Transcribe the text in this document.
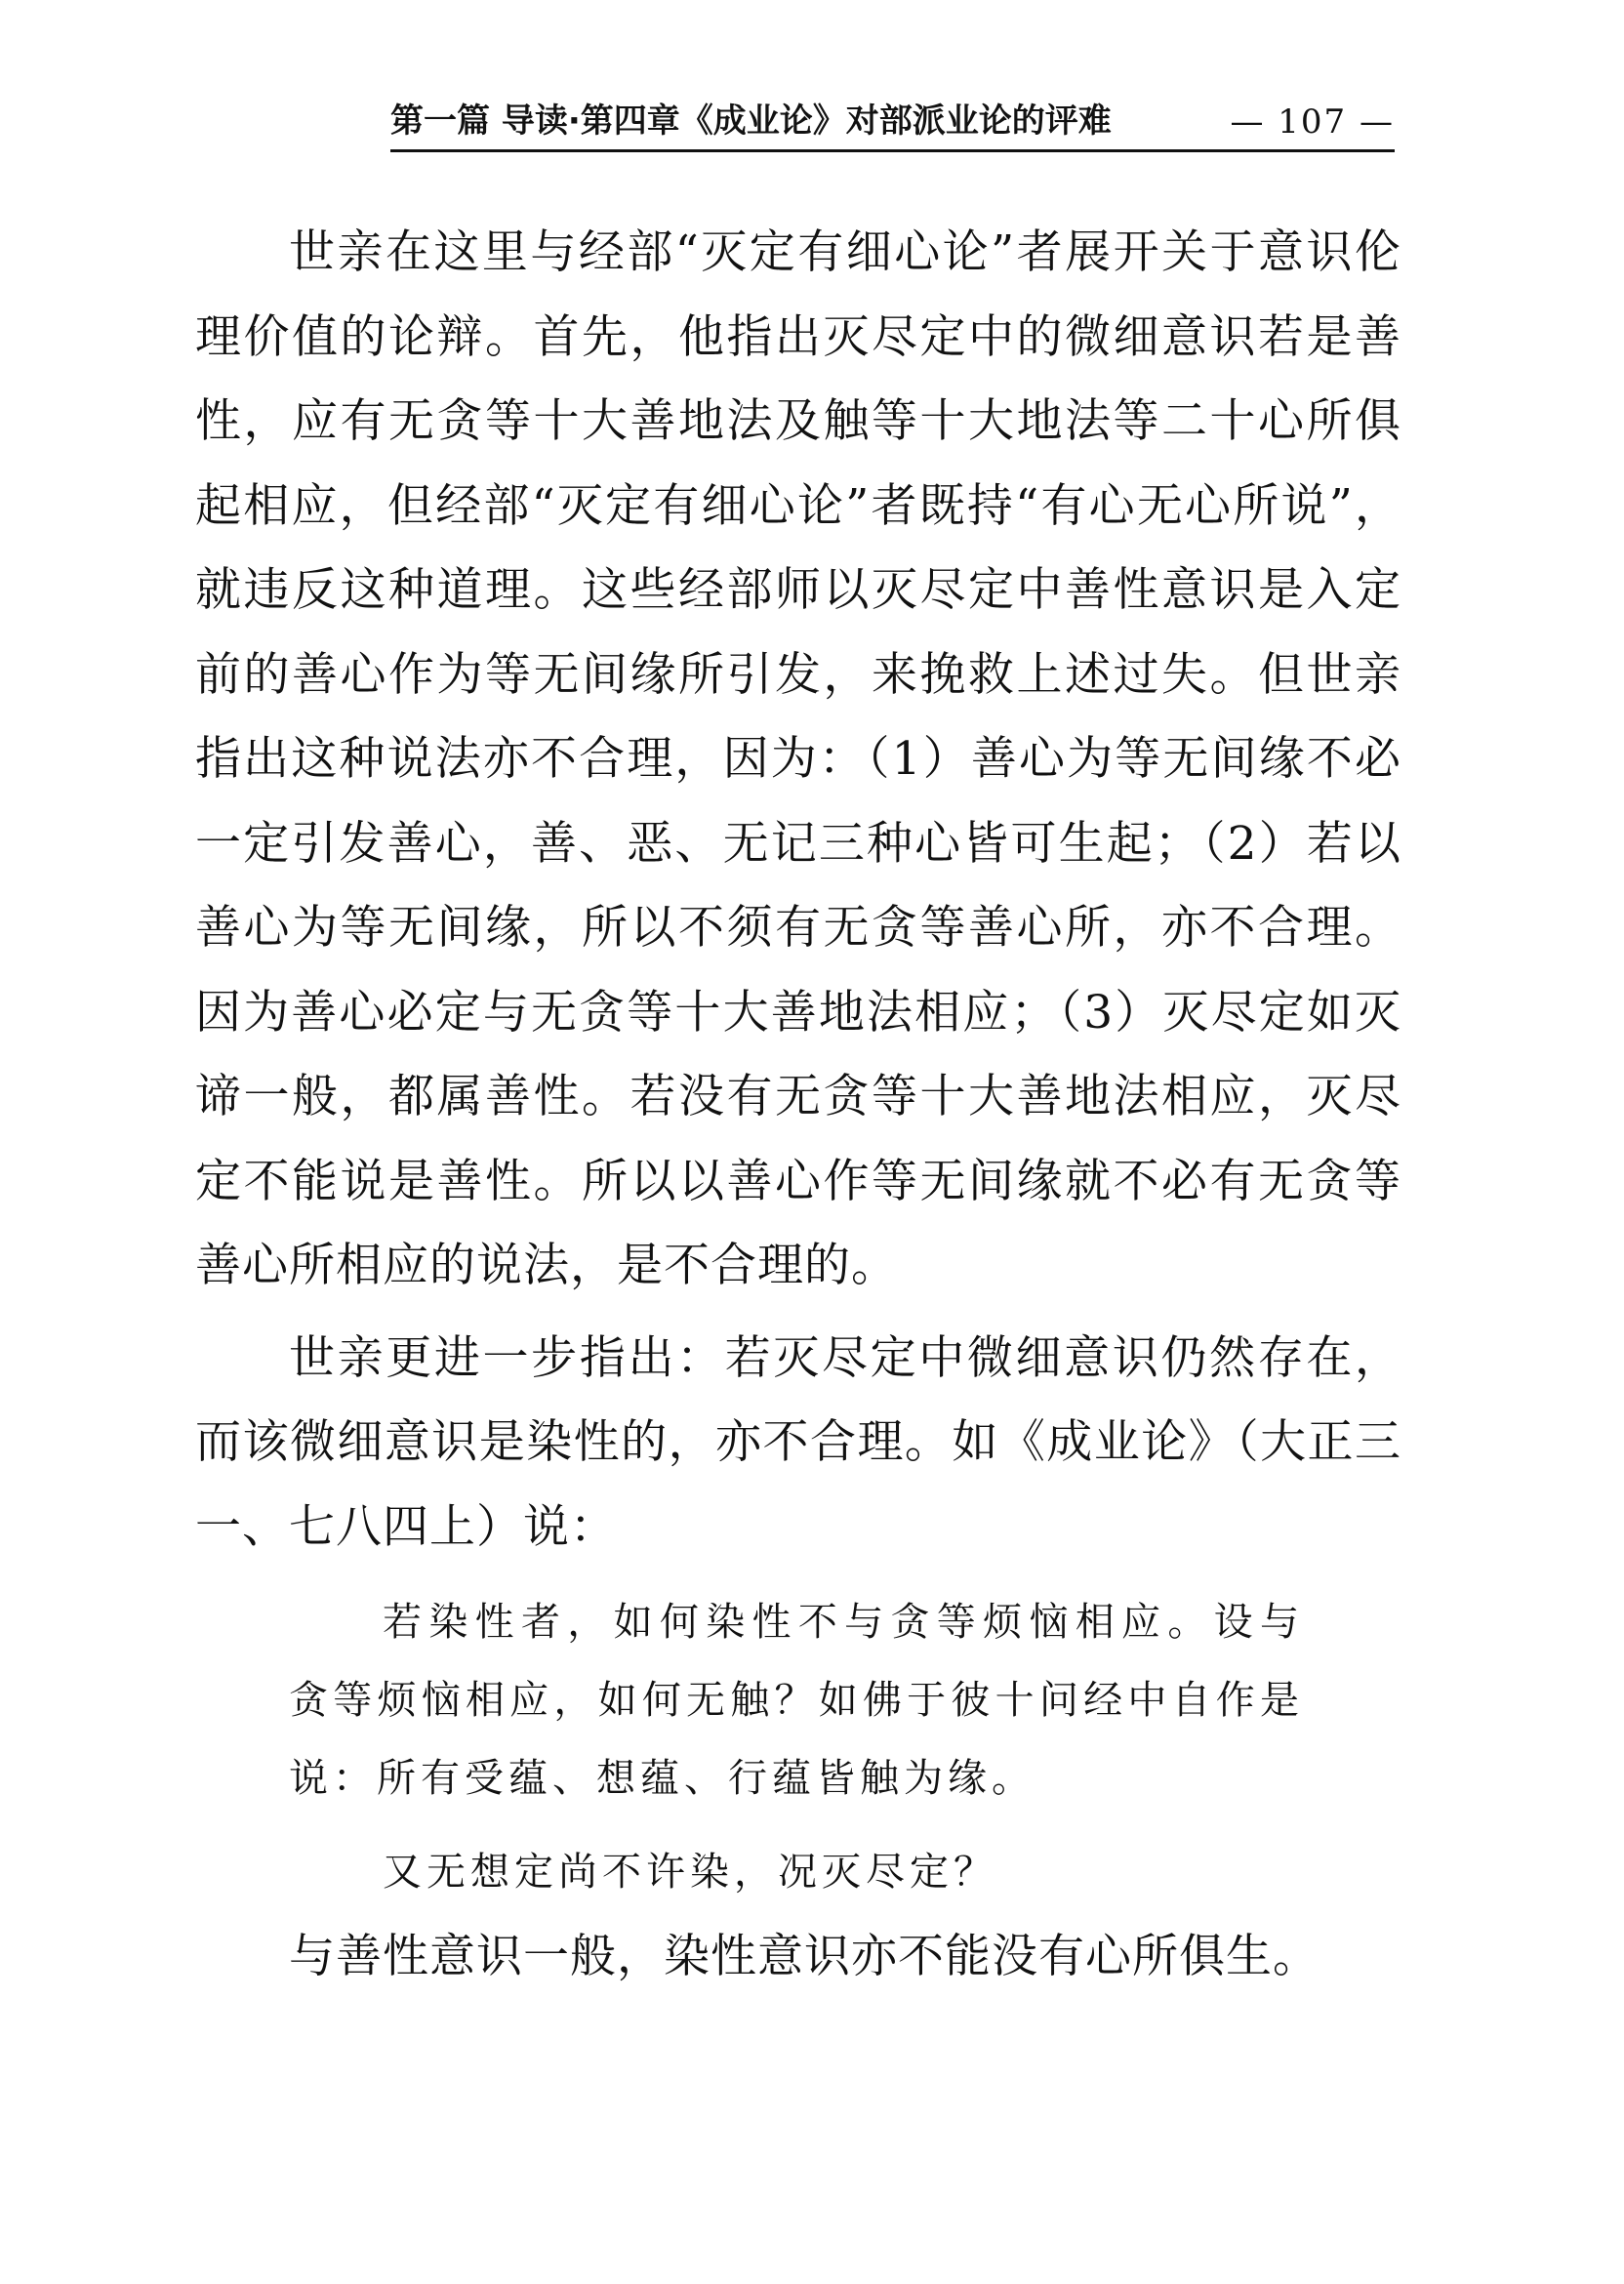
第一篇 导读·第四章《成业论》对部派业论的评难	— 107 —

世亲在这里与经部“灭定有细心论”者展开关于意识伦理价值的论辩。首先，他指出灭尽定中的微细意识若是善性，应有无贪等十大善地法及触等十大地法等二十心所俱起相应，但经部“灭定有细心论”者既持“有心无心所说”，就违反这种道理。这些经部师以灭尽定中善性意识是入定前的善心作为等无间缘所引发，来挽救上述过失。但世亲指出这种说法亦不合理，因为：（1）善心为等无间缘不必一定引发善心，善、恶、无记三种心皆可生起；（2）若以善心为等无间缘，所以不须有无贪等善心所，亦不合理。因为善心必定与无贪等十大善地法相应；（3）灭尽定如灭谛一般，都属善性。若没有无贪等十大善地法相应，灭尽定不能说是善性。所以以善心作等无间缘就不必有无贪等善心所相应的说法，是不合理的。

世亲更进一步指出：若灭尽定中微细意识仍然存在，而该微细意识是染性的，亦不合理。如《成业论》（大正三一、七八四上）说：

若染性者，如何染性不与贪等烦恼相应。设与贪等烦恼相应，如何无触？如佛于彼十问经中自作是说：所有受蕴、想蕴、行蕴皆触为缘。

又无想定尚不许染，况灭尽定？

与善性意识一般，染性意识亦不能没有心所俱生。
